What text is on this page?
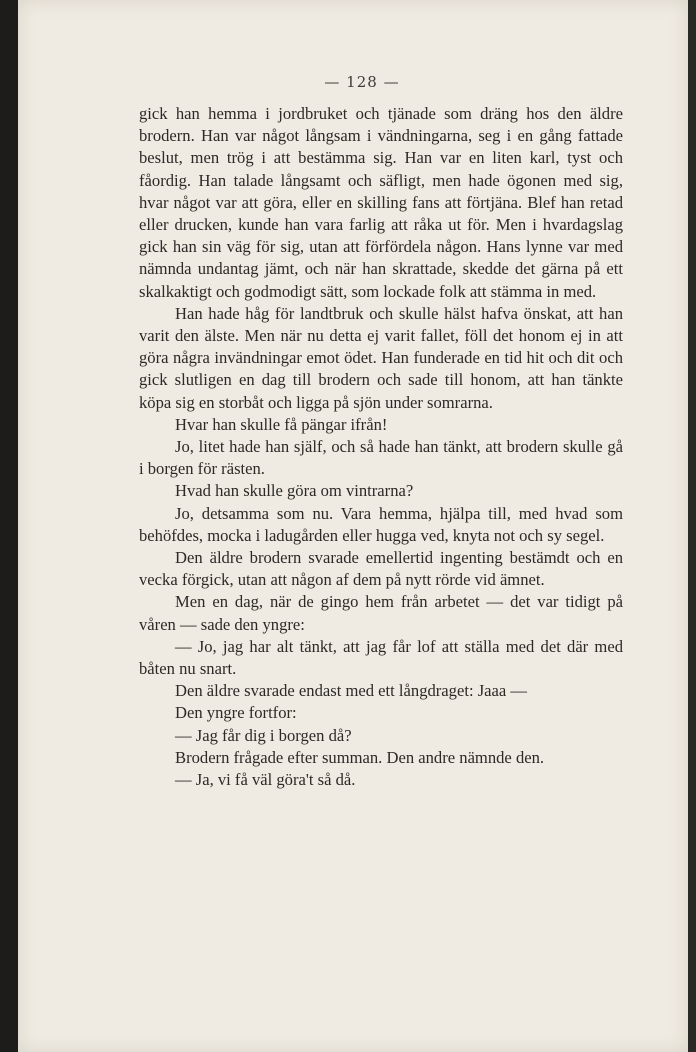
— 128 —

gick han hemma i jordbruket och tjänade som dräng hos den äldre brodern. Han var något långsam i vändningarna, seg i en gång fattade beslut, men trög i att bestämma sig. Han var en liten karl, tyst och fåordig. Han talade långsamt och säfligt, men hade ögonen med sig, hvar något var att göra, eller en skilling fans att förtjäna. Blef han retad eller drucken, kunde han vara farlig att råka ut för. Men i hvardagslag gick han sin väg för sig, utan att förfördela någon. Hans lynne var med nämnda undantag jämt, och när han skrattade, skedde det gärna på ett skalkaktigt och godmodigt sätt, som lockade folk att stämma in med.

Han hade håg för landtbruk och skulle hälst hafva önskat, att han varit den älste. Men när nu detta ej varit fallet, föll det honom ej in att göra några invändningar emot ödet. Han funderade en tid hit och dit och gick slutligen en dag till brodern och sade till honom, att han tänkte köpa sig en storbåt och ligga på sjön under somrarna.

Hvar han skulle få pängar ifrån!

Jo, litet hade han själf, och så hade han tänkt, att brodern skulle gå i borgen för rästen.

Hvad han skulle göra om vintrarna?

Jo, detsamma som nu. Vara hemma, hjälpa till, med hvad som behöfdes, mocka i ladugården eller hugga ved, knyta not och sy segel.

Den äldre brodern svarade emellertid ingenting bestämdt och en vecka förgick, utan att någon af dem på nytt rörde vid ämnet.

Men en dag, när de gingo hem från arbetet — det var tidigt på våren — sade den yngre:

— Jo, jag har alt tänkt, att jag får lof att ställa med det där med båten nu snart.

Den äldre svarade endast med ett långdraget: Jaaa —

Den yngre fortfor:

— Jag får dig i borgen då?

Brodern frågade efter summan. Den andre nämnde den.

— Ja, vi få väl göra't så då.
